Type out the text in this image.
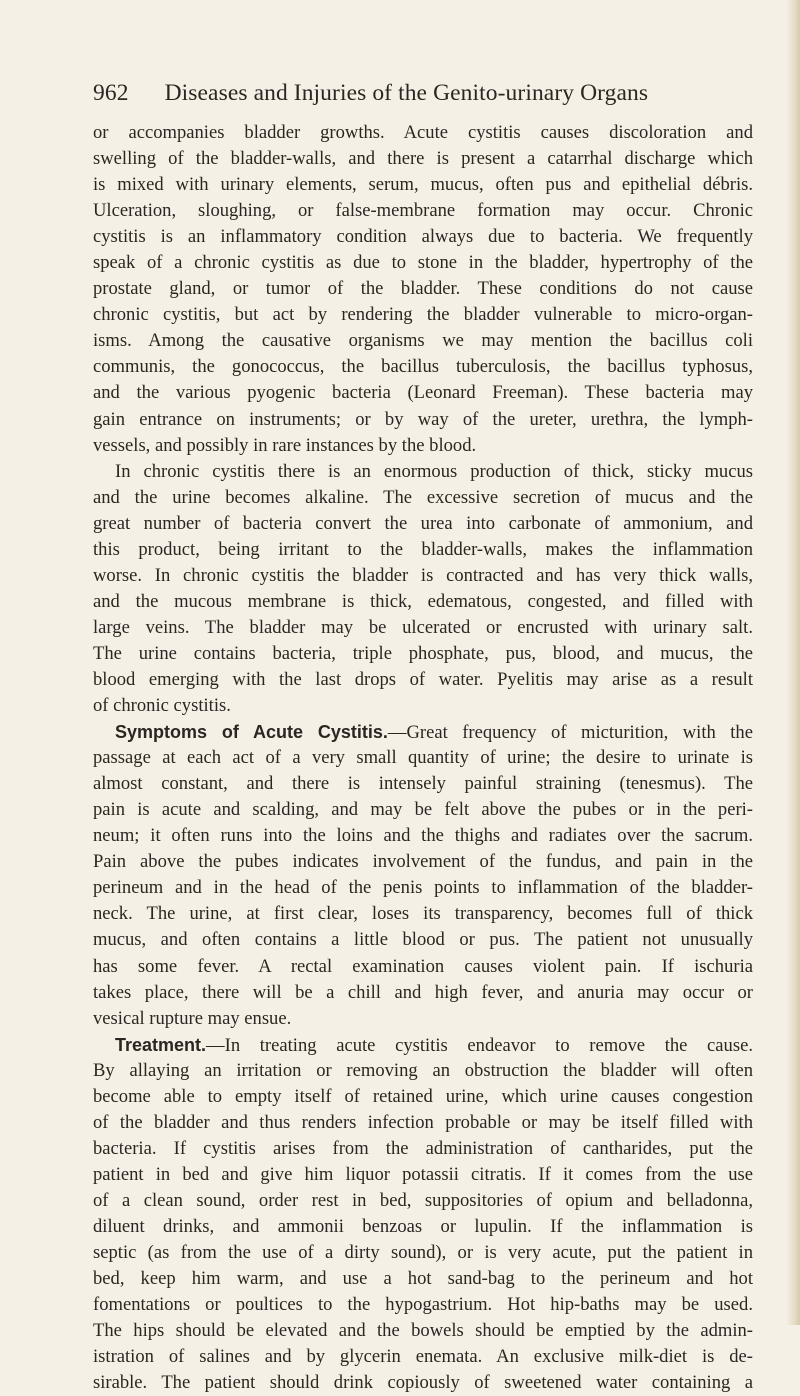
962 Diseases and Injuries of the Genito-urinary Organs
or accompanies bladder growths. Acute cystitis causes discoloration and
swelling of the bladder-walls, and there is present a catarrhal discharge which
is mixed with urinary elements, serum, mucus, often pus and epithelial débris.
Ulceration, sloughing, or false-membrane formation may occur. Chronic
cystitis is an inflammatory condition always due to bacteria. We frequently
speak of a chronic cystitis as due to stone in the bladder, hypertrophy of the
prostate gland, or tumor of the bladder. These conditions do not cause
chronic cystitis, but act by rendering the bladder vulnerable to micro-organ-
isms. Among the causative organisms we may mention the bacillus coli
communis, the gonococcus, the bacillus tuberculosis, the bacillus typhosus,
and the various pyogenic bacteria (Leonard Freeman). These bacteria may
gain entrance on instruments; or by way of the ureter, urethra, the lymph-
vessels, and possibly in rare instances by the blood.
In chronic cystitis there is an enormous production of thick, sticky mucus
and the urine becomes alkaline. The excessive secretion of mucus and the
great number of bacteria convert the urea into carbonate of ammonium, and
this product, being irritant to the bladder-walls, makes the inflammation
worse. In chronic cystitis the bladder is contracted and has very thick walls,
and the mucous membrane is thick, edematous, congested, and filled with
large veins. The bladder may be ulcerated or encrusted with urinary salt.
The urine contains bacteria, triple phosphate, pus, blood, and mucus, the
blood emerging with the last drops of water. Pyelitis may arise as a result
of chronic cystitis.
Symptoms of Acute Cystitis.—Great frequency of micturition, with the
passage at each act of a very small quantity of urine; the desire to urinate is
almost constant, and there is intensely painful straining (tenesmus). The
pain is acute and scalding, and may be felt above the pubes or in the peri-
neum; it often runs into the loins and the thighs and radiates over the sacrum.
Pain above the pubes indicates involvement of the fundus, and pain in the
perineum and in the head of the penis points to inflammation of the bladder-
neck. The urine, at first clear, loses its transparency, becomes full of thick
mucus, and often contains a little blood or pus. The patient not unusually
has some fever. A rectal examination causes violent pain. If ischuria
takes place, there will be a chill and high fever, and anuria may occur or
vesical rupture may ensue.
Treatment.—In treating acute cystitis endeavor to remove the cause.
By allaying an irritation or removing an obstruction the bladder will often
become able to empty itself of retained urine, which urine causes congestion
of the bladder and thus renders infection probable or may be itself filled with
bacteria. If cystitis arises from the administration of cantharides, put the
patient in bed and give him liquor potassii citratis. If it comes from the use
of a clean sound, order rest in bed, suppositories of opium and belladonna,
diluent drinks, and ammonii benzoas or lupulin. If the inflammation is
septic (as from the use of a dirty sound), or is very acute, put the patient in
bed, keep him warm, and use a hot sand-bag to the perineum and hot
fomentations or poultices to the hypogastrium. Hot hip-baths may be used.
The hips should be elevated and the bowels should be emptied by the admin-
istration of salines and by glycerin enemata. An exclusive milk-diet is de-
sirable. The patient should drink copiously of sweetened water containing a
